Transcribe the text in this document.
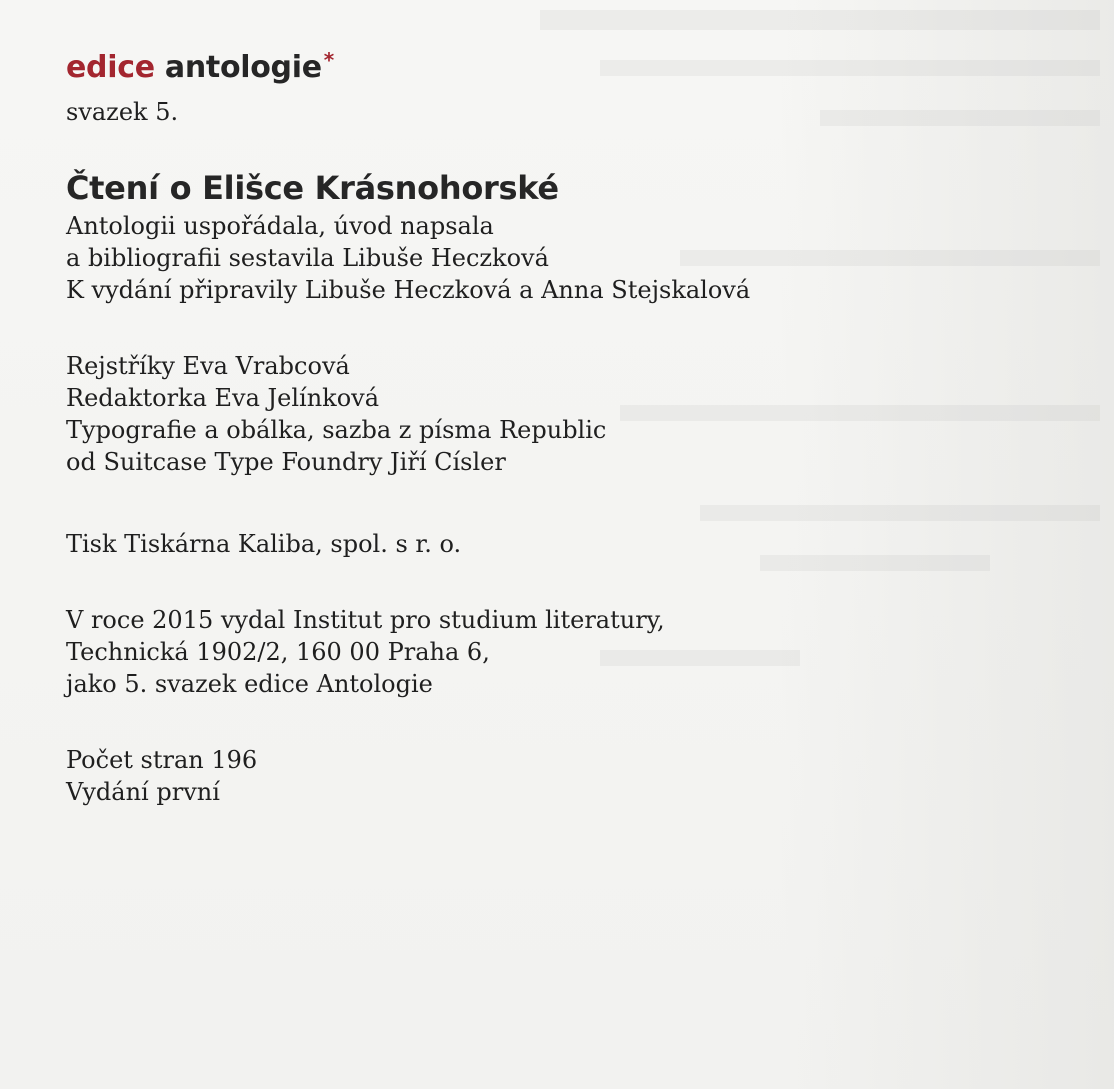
edice antologie *

svazek 5.

Čtení o Elišce Krásnohorské

Antologii uspořádala, úvod napsala

a bibliografii sestavila Libuše Heczková

K vydání připravily Libuše Heczková a Anna Stejskalová

Rejstříky Eva Vrabcová

Redaktorka Eva Jelínková

Typografie a obálka, sazba z písma Republic

od Suitcase Type Foundry Jiří Císler

Tisk Tiskárna Kaliba, spol. s r. o.

V roce 2015 vydal Institut pro studium literatury,

Technická 1902/2, 160 00 Praha 6,

jako 5. svazek edice Antologie

Počet stran 196

Vydání první
